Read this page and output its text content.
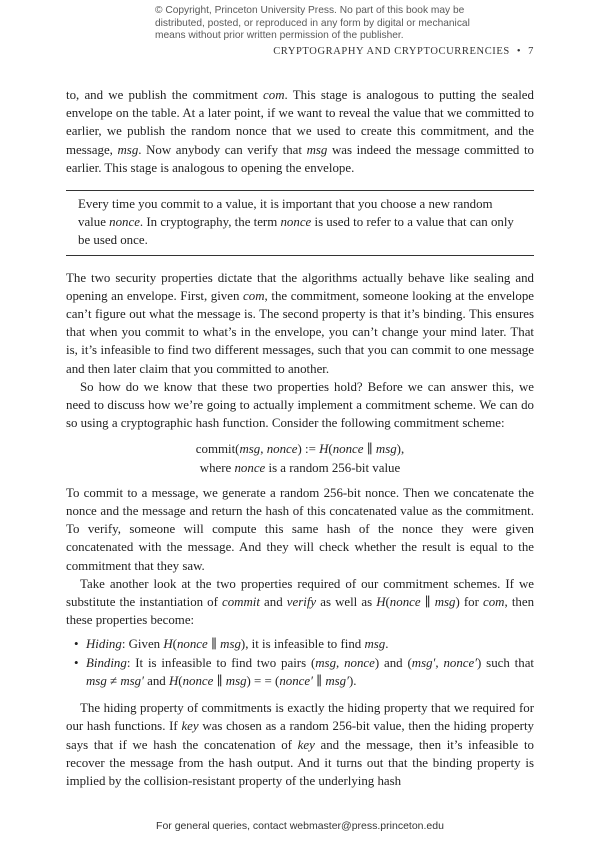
© Copyright, Princeton University Press. No part of this book may be distributed, posted, or reproduced in any form by digital or mechanical means without prior written permission of the publisher.
CRYPTOGRAPHY AND CRYPTOCURRENCIES • 7

to, and we publish the commitment com. This stage is analogous to putting the sealed envelope on the table. At a later point, if we want to reveal the value that we committed to earlier, we publish the random nonce that we used to create this commitment, and the message, msg. Now anybody can verify that msg was indeed the message committed to earlier. This stage is analogous to opening the envelope.

Every time you commit to a value, it is important that you choose a new random value nonce. In cryptography, the term nonce is used to refer to a value that can only be used once.

The two security properties dictate that the algorithms actually behave like sealing and opening an envelope. First, given com, the commitment, someone looking at the envelope can’t figure out what the message is. The second property is that it’s binding. This ensures that when you commit to what’s in the envelope, you can’t change your mind later. That is, it’s infeasible to find two different messages, such that you can commit to one message and then later claim that you committed to another.

So how do we know that these two properties hold? Before we can answer this, we need to discuss how we’re going to actually implement a commitment scheme. We can do so using a cryptographic hash function. Consider the following commitment scheme:

commit(msg, nonce) := H(nonce ∥ msg),
where nonce is a random 256-bit value

To commit to a message, we generate a random 256-bit nonce. Then we concatenate the nonce and the message and return the hash of this concatenated value as the commitment. To verify, someone will compute this same hash of the nonce they were given concatenated with the message. And they will check whether the result is equal to the commitment that they saw.

Take another look at the two properties required of our commitment schemes. If we substitute the instantiation of commit and verify as well as H(nonce ∥ msg) for com, then these properties become:

• Hiding: Given H(nonce ∥ msg), it is infeasible to find msg.
• Binding: It is infeasible to find two pairs (msg, nonce) and (msg′, nonce′) such that msg ≠ msg′ and H(nonce ∥ msg) = = (nonce′ ∥ msg′).

The hiding property of commitments is exactly the hiding property that we required for our hash functions. If key was chosen as a random 256-bit value, then the hiding property says that if we hash the concatenation of key and the message, then it’s infeasible to recover the message from the hash output. And it turns out that the binding property is implied by the collision-resistant property of the underlying hash

For general queries, contact webmaster@press.princeton.edu
